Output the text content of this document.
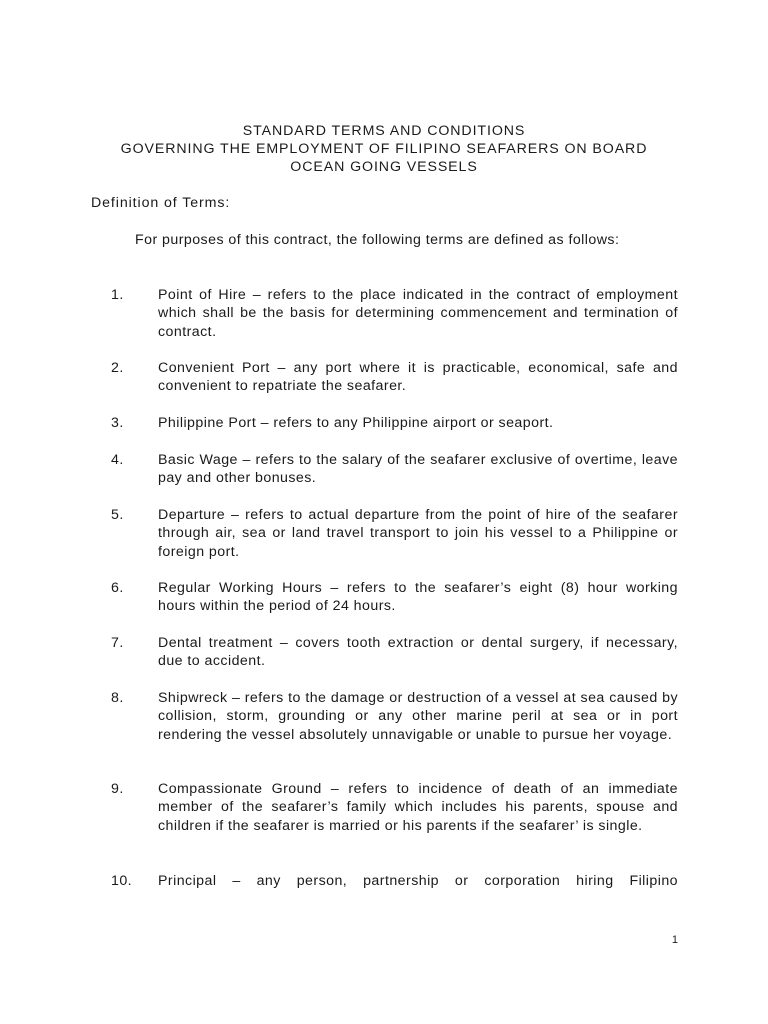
STANDARD TERMS AND CONDITIONS
GOVERNING THE EMPLOYMENT OF FILIPINO SEAFARERS ON BOARD
OCEAN GOING VESSELS
Definition of Terms:
For purposes of this contract, the following terms are defined as follows:
1. Point of Hire – refers to the place indicated in the contract of employment which shall be the basis for determining commencement and termination of contract.
2. Convenient Port – any port where it is practicable, economical, safe and convenient to repatriate the seafarer.
3. Philippine Port – refers to any Philippine airport or seaport.
4. Basic Wage – refers to the salary of the seafarer exclusive of overtime, leave pay and other bonuses.
5. Departure – refers to actual departure from the point of hire of the seafarer through air, sea or land travel transport to join his vessel to a Philippine or foreign port.
6. Regular Working Hours – refers to the seafarer’s eight (8) hour working hours within the period of 24 hours.
7. Dental treatment – covers tooth extraction or dental surgery, if necessary, due to accident.
8. Shipwreck – refers to the damage or destruction of a vessel at sea caused by collision, storm, grounding or any other marine peril at sea or in port rendering the vessel absolutely unnavigable or unable to pursue her voyage.
9. Compassionate Ground – refers to incidence of death of an immediate member of the seafarer’s family which includes his parents, spouse and children if the seafarer is married or his parents if the seafarer’ is single.
10. Principal – any person, partnership or corporation hiring Filipino
1
